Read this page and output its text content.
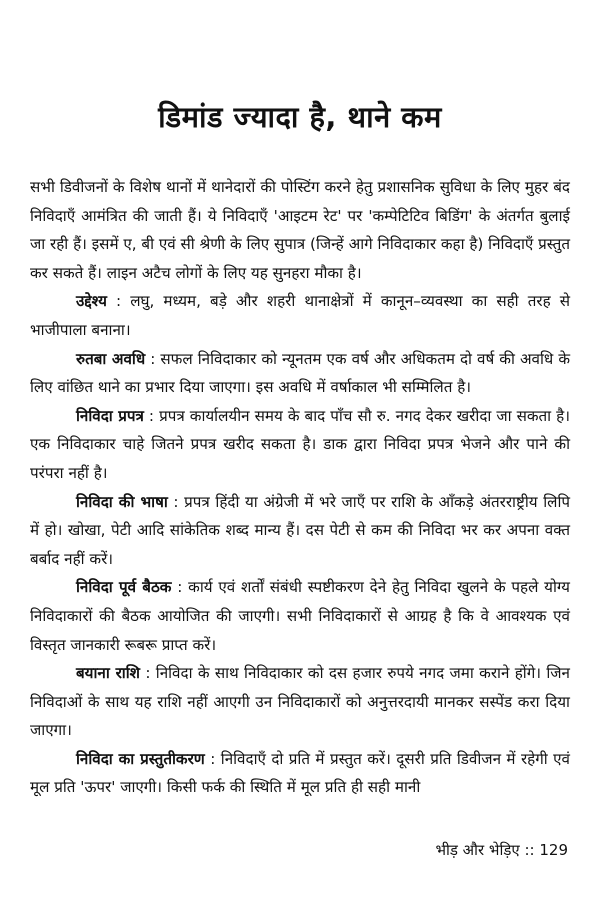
डिमांड ज्यादा है, थाने कम

सभी डिवीजनों के विशेष थानों में थानेदारों की पोस्टिंग करने हेतु प्रशासनिक सुविधा के लिए मुहर बंद निविदाएँ आमंत्रित की जाती हैं। ये निविदाएँ 'आइटम रेट' पर 'कम्पेटिटिव बिडिंग' के अंतर्गत बुलाई जा रही हैं। इसमें ए, बी एवं सी श्रेणी के लिए सुपात्र (जिन्हें आगे निविदाकार कहा है) निविदाएँ प्रस्तुत कर सकते हैं। लाइन अटैच लोगों के लिए यह सुनहरा मौका है।

उद्देश्य : लघु, मध्यम, बड़े और शहरी थानाक्षेत्रों में कानून–व्यवस्था का सही तरह से भाजीपाला बनाना।

रुतबा अवधि : सफल निविदाकार को न्यूनतम एक वर्ष और अधिकतम दो वर्ष की अवधि के लिए वांछित थाने का प्रभार दिया जाएगा। इस अवधि में वर्षाकाल भी सम्मिलित है।

निविदा प्रपत्र : प्रपत्र कार्यालयीन समय के बाद पाँच सौ रु. नगद देकर खरीदा जा सकता है। एक निविदाकार चाहे जितने प्रपत्र खरीद सकता है। डाक द्वारा निविदा प्रपत्र भेजने और पाने की परंपरा नहीं है।

निविदा की भाषा : प्रपत्र हिंदी या अंग्रेजी में भरे जाएँ पर राशि के आँकड़े अंतरराष्ट्रीय लिपि में हो। खोखा, पेटी आदि सांकेतिक शब्द मान्य हैं। दस पेटी से कम की निविदा भर कर अपना वक्त बर्बाद नहीं करें।

निविदा पूर्व बैठक : कार्य एवं शर्तों संबंधी स्पष्टीकरण देने हेतु निविदा खुलने के पहले योग्य निविदाकारों की बैठक आयोजित की जाएगी। सभी निविदाकारों से आग्रह है कि वे आवश्यक एवं विस्तृत जानकारी रूबरू प्राप्त करें।

बयाना राशि : निविदा के साथ निविदाकार को दस हजार रुपये नगद जमा कराने होंगे। जिन निविदाओं के साथ यह राशि नहीं आएगी उन निविदाकारों को अनुत्तरदायी मानकर सस्पेंड करा दिया जाएगा।

निविदा का प्रस्तुतीकरण : निविदाएँ दो प्रति में प्रस्तुत करें। दूसरी प्रति डिवीजन में रहेगी एवं मूल प्रति 'ऊपर' जाएगी। किसी फर्क की स्थिति में मूल प्रति ही सही मानी

भीड़ और भेड़िए :: 129
